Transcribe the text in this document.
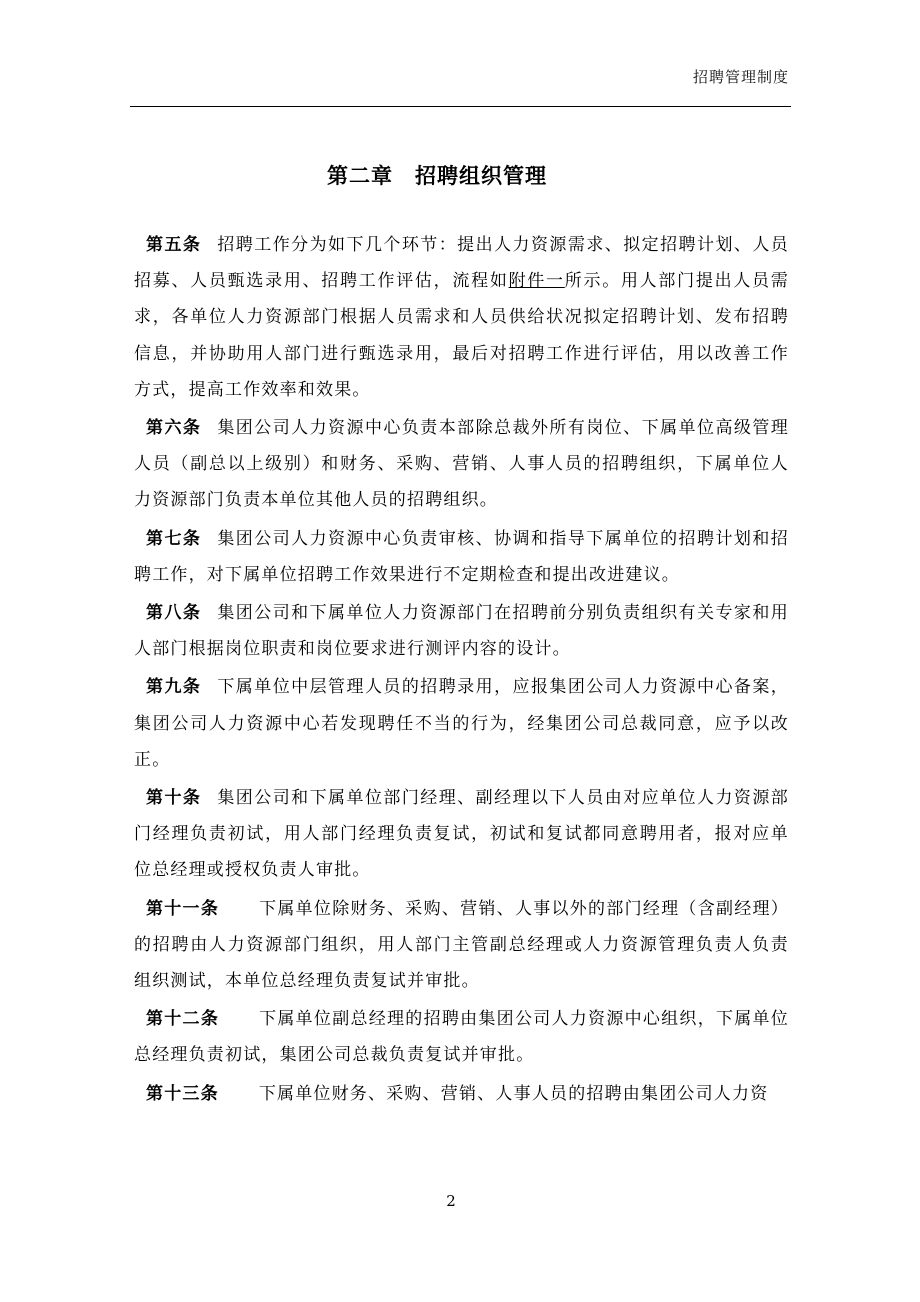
招聘管理制度
第二章　招聘组织管理

第五条 招聘工作分为如下几个环节：提出人力资源需求、拟定招聘计划、人员招募、人员甄选录用、招聘工作评估，流程如附件一所示。用人部门提出人员需求，各单位人力资源部门根据人员需求和人员供给状况拟定招聘计划、发布招聘信息，并协助用人部门进行甄选录用，最后对招聘工作进行评估，用以改善工作方式，提高工作效率和效果。

第六条 集团公司人力资源中心负责本部除总裁外所有岗位、下属单位高级管理人员（副总以上级别）和财务、采购、营销、人事人员的招聘组织，下属单位人力资源部门负责本单位其他人员的招聘组织。

第七条 集团公司人力资源中心负责审核、协调和指导下属单位的招聘计划和招聘工作，对下属单位招聘工作效果进行不定期检查和提出改进建议。

第八条 集团公司和下属单位人力资源部门在招聘前分别负责组织有关专家和用人部门根据岗位职责和岗位要求进行测评内容的设计。

第九条 下属单位中层管理人员的招聘录用，应报集团公司人力资源中心备案，集团公司人力资源中心若发现聘任不当的行为，经集团公司总裁同意，应予以改正。

第十条 集团公司和下属单位部门经理、副经理以下人员由对应单位人力资源部门经理负责初试，用人部门经理负责复试，初试和复试都同意聘用者，报对应单位总经理或授权负责人审批。

第十一条 下属单位除财务、采购、营销、人事以外的部门经理（含副经理）的招聘由人力资源部门组织，用人部门主管副总经理或人力资源管理负责人负责组织测试，本单位总经理负责复试并审批。

第十二条 下属单位副总经理的招聘由集团公司人力资源中心组织，下属单位总经理负责初试，集团公司总裁负责复试并审批。

第十三条 下属单位财务、采购、营销、人事人员的招聘由集团公司人力资

2
